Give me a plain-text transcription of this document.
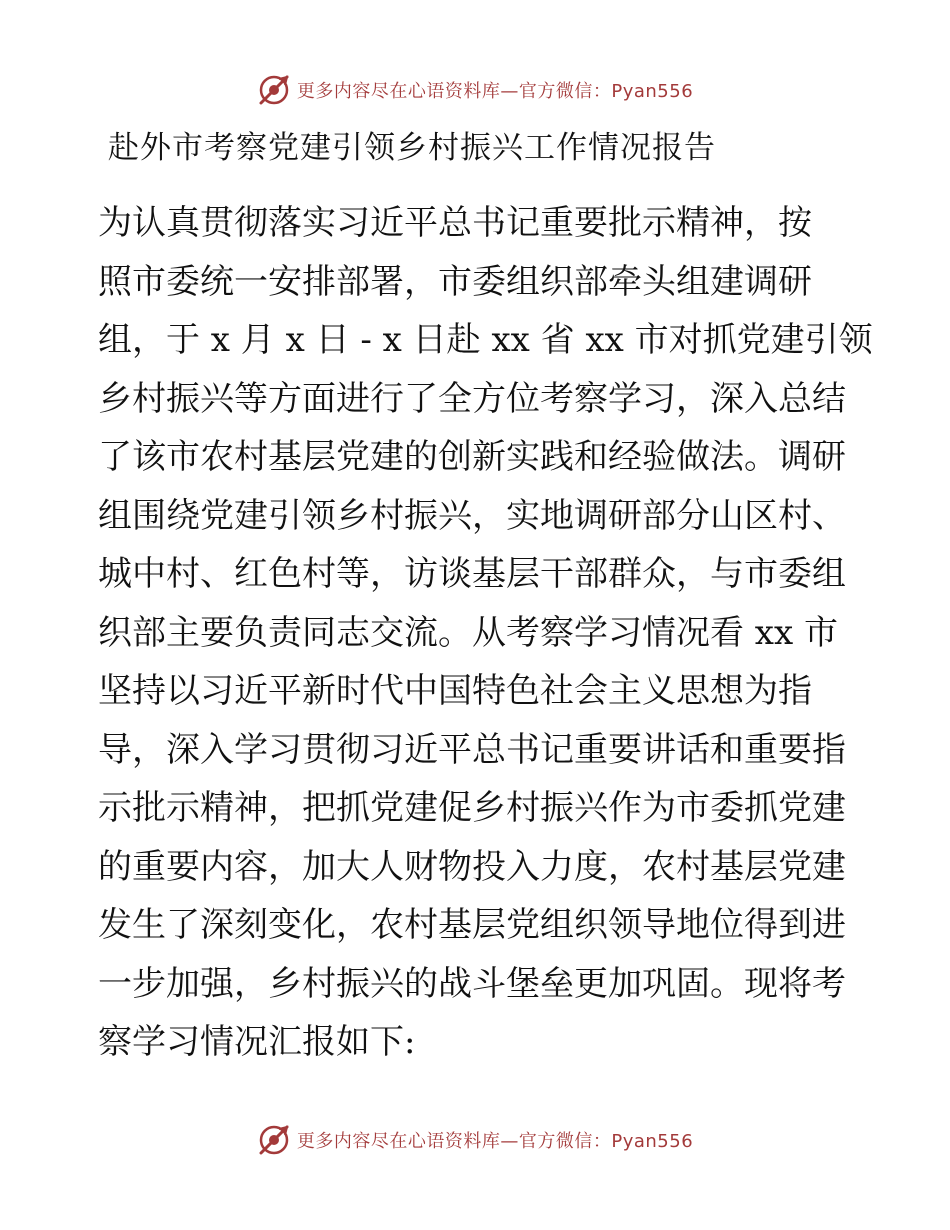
更多内容尽在心语资料库—官方微信：Pyan556
赴外市考察党建引领乡村振兴工作情况报告
为认真贯彻落实习近平总书记重要批示精神，按
照市委统一安排部署，市委组织部牵头组建调研
组，于 x 月 x 日 - x 日赴 xx 省 xx 市对抓党建引领
乡村振兴等方面进行了全方位考察学习，深入总结
了该市农村基层党建的创新实践和经验做法。调研
组围绕党建引领乡村振兴，实地调研部分山区村、
城中村、红色村等，访谈基层干部群众，与市委组
织部主要负责同志交流。从考察学习情况看 xx 市
坚持以习近平新时代中国特色社会主义思想为指
导，深入学习贯彻习近平总书记重要讲话和重要指
示批示精神，把抓党建促乡村振兴作为市委抓党建
的重要内容，加大人财物投入力度，农村基层党建
发生了深刻变化，农村基层党组织领导地位得到进
一步加强，乡村振兴的战斗堡垒更加巩固。现将考
察学习情况汇报如下:
更多内容尽在心语资料库—官方微信：Pyan556
